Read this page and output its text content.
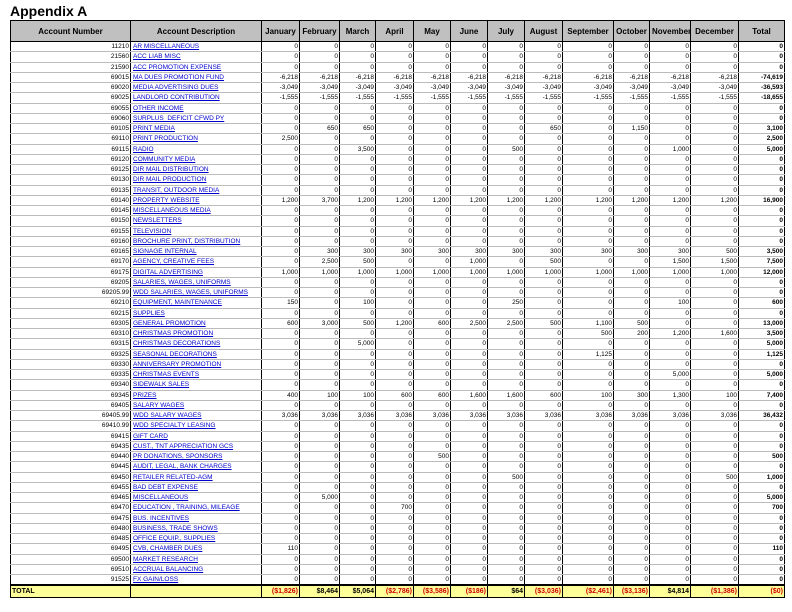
Appendix A
Account Number	Account Description	January	February	March	April	May	June	July	August	September	October	November	December	Total
11210	AR MISCELLANEOUS	0	0	0	0	0	0	0	0	0	0	0	0	0
21560	ACC LIAB MISC	0	0	0	0	0	0	0	0	0	0	0	0	0
21590	ACC PROMOTION EXPENSE	0	0	0	0	0	0	0	0	0	0	0	0	0
69015	MA DUES PROMOTION FUND	-6,218	-6,218	-6,218	-6,218	-6,218	-6,218	-6,218	-6,218	-6,218	-6,218	-6,218	-6,218	-74,619
69020	MEDIA ADVERTISING DUES	-3,049	-3,049	-3,049	-3,049	-3,049	-3,049	-3,049	-3,049	-3,049	-3,049	-3,049	-3,049	-36,593
69025	LANDLORD CONTRIBUTION	-1,555	-1,555	-1,555	-1,555	-1,555	-1,555	-1,555	-1,555	-1,555	-1,555	-1,555	-1,555	-18,655
69055	OTHER INCOME	0	0	0	0	0	0	0	0	0	0	0	0	0
69060	SURPLUS_DEFICIT CFWD PY	0	0	0	0	0	0	0	0	0	0	0	0	0
69105	PRINT MEDIA	0	650	650	0	0	0	0	650	0	1,150	0	0	3,100
69110	PRINT PRODUCTION	2,500	0	0	0	0	0	0	0	0	0	0	0	2,500
69115	RADIO	0	0	3,500	0	0	0	500	0	0	0	1,000	0	5,000
69120	COMMUNITY MEDIA	0	0	0	0	0	0	0	0	0	0	0	0	0
69125	DIR MAIL DISTRIBUTION	0	0	0	0	0	0	0	0	0	0	0	0	0
69130	DIR MAIL PRODUCTION	0	0	0	0	0	0	0	0	0	0	0	0	0
69135	TRANSIT, OUTDOOR MEDIA	0	0	0	0	0	0	0	0	0	0	0	0	0
69140	PROPERTY WEBSITE	1,200	3,700	1,200	1,200	1,200	1,200	1,200	1,200	1,200	1,200	1,200	1,200	16,900
69145	MISCELLANEOUS MEDIA	0	0	0	0	0	0	0	0	0	0	0	0	0
69150	NEWSLETTERS	0	0	0	0	0	0	0	0	0	0	0	0	0
69155	TELEVISION	0	0	0	0	0	0	0	0	0	0	0	0	0
69160	BROCHURE PRINT, DISTRIBUTION	0	0	0	0	0	0	0	0	0	0	0	0	0
69165	SIGNAGE INTERNAL	0	300	300	300	300	300	300	300	300	300	300	500	3,500
69170	AGENCY, CREATIVE FEES	0	2,500	500	0	0	1,000	0	500	0	0	1,500	1,500	7,500
69175	DIGITAL ADVERTISING	1,000	1,000	1,000	1,000	1,000	1,000	1,000	1,000	1,000	1,000	1,000	1,000	12,000
69205	SALARIES, WAGES, UNIFORMS	0	0	0	0	0	0	0	0	0	0	0	0	0
69205.99	WDD SALARIES, WAGES, UNIFORMS	0	0	0	0	0	0	0	0	0	0	0	0	0
69210	EQUIPMENT, MAINTENANCE	150	0	100	0	0	0	250	0	0	0	100	0	600
69215	SUPPLIES	0	0	0	0	0	0	0	0	0	0	0	0	0
69305	GENERAL PROMOTION	600	3,000	500	1,200	600	2,500	2,500	500	1,100	500	0	0	13,000
69310	CHRISTMAS PROMOTION	0	0	0	0	0	0	0	0	500	200	1,200	1,600	3,500
69315	CHRISTMAS DECORATIONS	0	0	5,000	0	0	0	0	0	0	0	0	0	5,000
69325	SEASONAL DECORATIONS	0	0	0	0	0	0	0	0	1,125	0	0	0	1,125
69330	ANNIVERSARY PROMOTION	0	0	0	0	0	0	0	0	0	0	0	0	0
69335	CHRISTMAS EVENTS	0	0	0	0	0	0	0	0	0	0	5,000	0	5,000
69340	SIDEWALK SALES	0	0	0	0	0	0	0	0	0	0	0	0	0
69345	PRIZES	400	100	100	600	600	1,600	1,600	600	100	300	1,300	100	7,400
69405	SALARY WAGES	0	0	0	0	0	0	0	0	0	0	0	0	0
69405.99	WDD SALARY WAGES	3,036	3,036	3,036	3,036	3,036	3,036	3,036	3,036	3,036	3,036	3,036	3,036	36,432
69410.99	WDD SPECIALTY LEASING	0	0	0	0	0	0	0	0	0	0	0	0	0
69415	GIFT CARD	0	0	0	0	0	0	0	0	0	0	0	0	0
69435	CUST., TNT APPRECIATION GCS	0	0	0	0	0	0	0	0	0	0	0	0	0
69440	PR DONATIONS, SPONSORS	0	0	0	0	500	0	0	0	0	0	0	0	500
69445	AUDIT, LEGAL, BANK CHARGES	0	0	0	0	0	0	0	0	0	0	0	0	0
69450	RETAILER RELATED-AGM	0	0	0	0	0	0	500	0	0	0	0	500	1,000
69455	BAD DEBT EXPENSE	0	0	0	0	0	0	0	0	0	0	0	0	0
69465	MISCELLANEOUS	0	5,000	0	0	0	0	0	0	0	0	0	0	5,000
69470	EDUCATION , TRAINING, MILEAGE	0	0	0	700	0	0	0	0	0	0	0	0	700
69475	BUS. INCENTIVES	0	0	0	0	0	0	0	0	0	0	0	0	0
69480	BUSINESS, TRADE SHOWS	0	0	0	0	0	0	0	0	0	0	0	0	0
69485	OFFICE EQUIP., SUPPLIES	0	0	0	0	0	0	0	0	0	0	0	0	0
69495	CVB, CHAMBER DUES	110	0	0	0	0	0	0	0	0	0	0	0	110
69500	MARKET RESEARCH	0	0	0	0	0	0	0	0	0	0	0	0	0
69510	ACCRUAL BALANCING	0	0	0	0	0	0	0	0	0	0	0	0	0
91525	FX GAIN/LOSS	0	0	0	0	0	0	0	0	0	0	0	0	0
TOTAL		($1,826)	$8,464	$5,064	($2,786)	($3,586)	($186)	$64	($3,036)	($2,461)	($3,136)	$4,814	($1,386)	($0)
